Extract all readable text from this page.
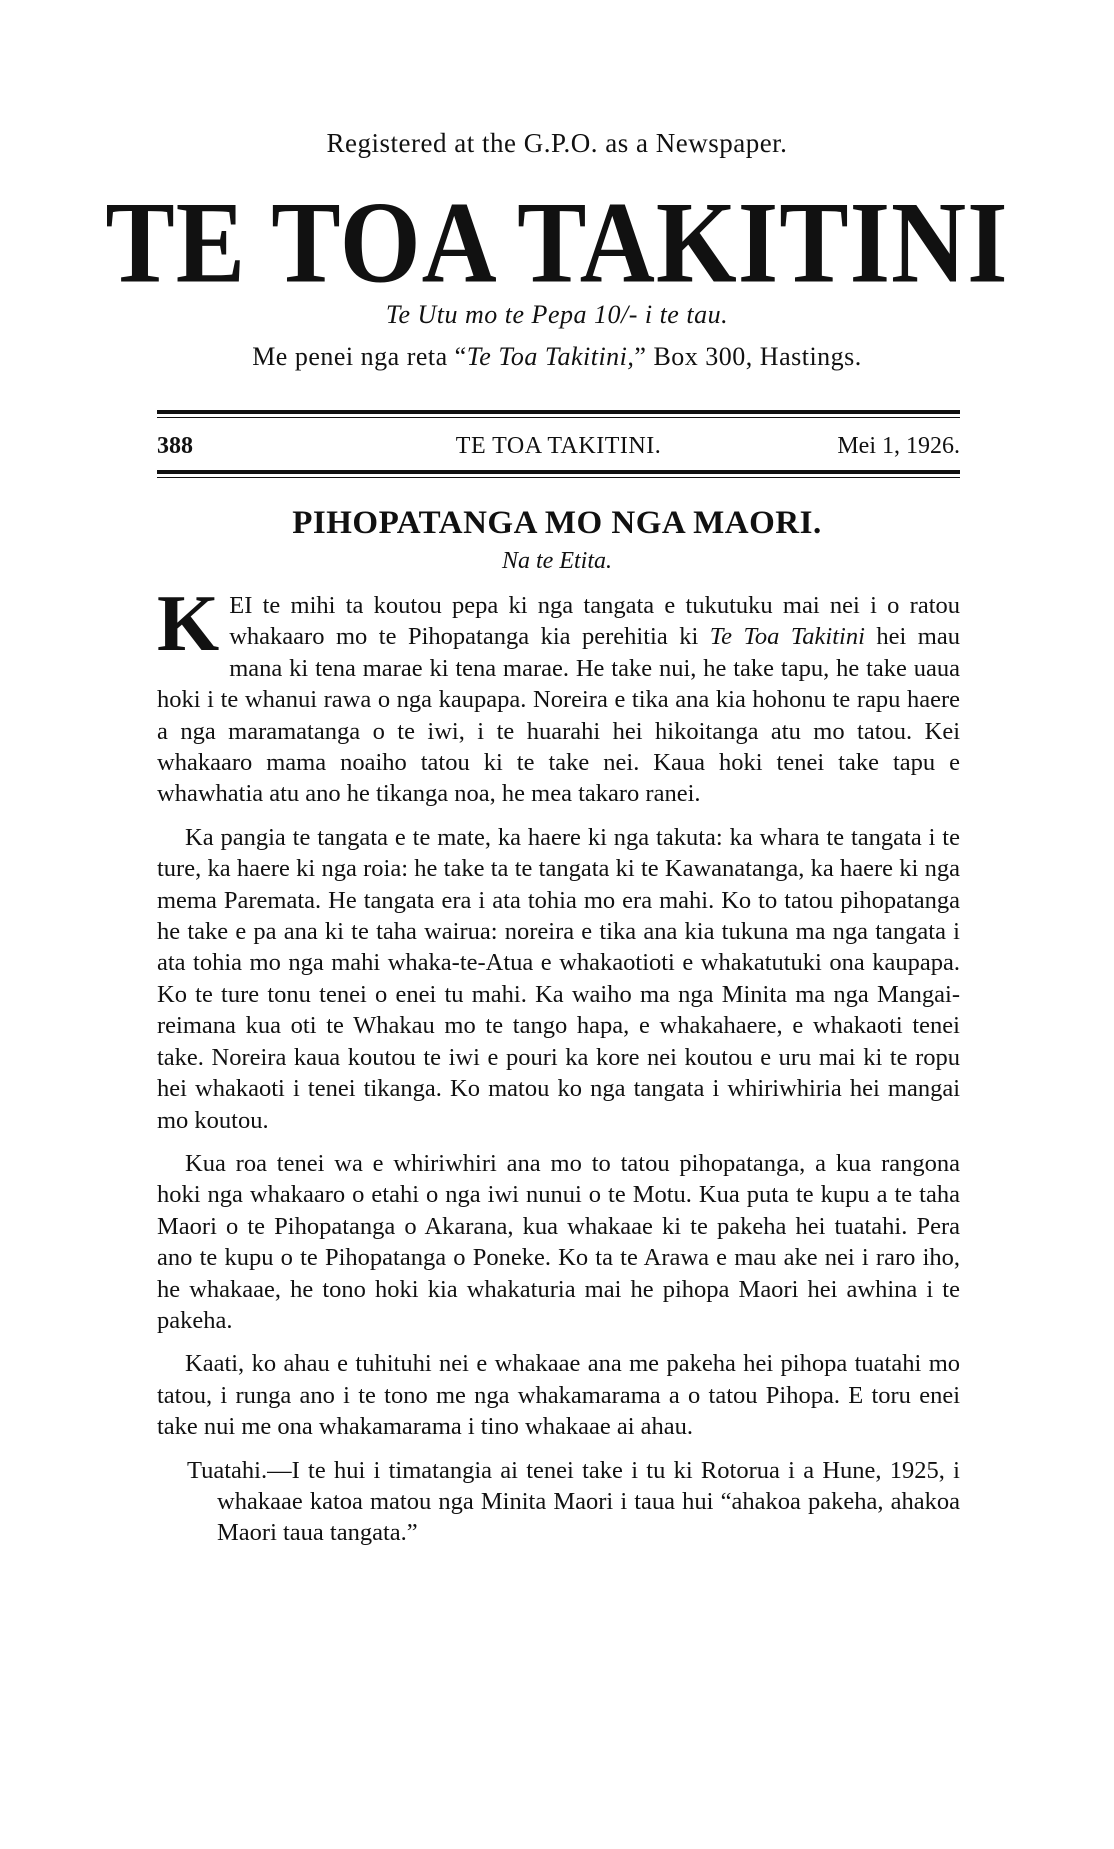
Registered at the G.P.O. as a Newspaper.
TE TOA TAKITINI
Te Utu mo te Pepa 10/- i te tau.
Me penei nga reta “Te Toa Takitini,” Box 300, Hastings.
388	TE TOA TAKITINI.	Mei 1, 1926.
PIHOPATANGA MO NGA MAORI.
Na te Etita.

KEI te mihi ta koutou pepa ki nga tangata e tukutuku mai nei i o ratou whakaaro mo te Pihopatanga kia perehitia ki Te Toa Takitini hei mau mana ki tena marae ki tena marae. He take nui, he take tapu, he take uaua hoki i te whanui rawa o nga kaupapa. Noreira e tika ana kia hohonu te rapu haere a nga maramatanga o te iwi, i te huarahi hei hikoitanga atu mo tatou. Kei whakaaro mama noaiho tatou ki te take nei. Kaua hoki tenei take tapu e whawhatia atu ano he tikanga noa, he mea takaro ranei.

Ka pangia te tangata e te mate, ka haere ki nga takuta: ka whara te tangata i te ture, ka haere ki nga roia: he take ta te tangata ki te Kawanatanga, ka haere ki nga mema Paremata. He tangata era i ata tohia mo era mahi. Ko to tatou pihopatanga he take e pa ana ki te taha wairua: noreira e tika ana kia tukuna ma nga tangata i ata tohia mo nga mahi whaka-te-Atua e whakaotioti e whakatutuki ona kaupapa. Ko te ture tonu tenei o enei tu mahi. Ka waiho ma nga Minita ma nga Mangai-reimana kua oti te Whakau mo te tango hapa, e whakahaere, e whakaoti tenei take. Noreira kaua koutou te iwi e pouri ka kore nei koutou e uru mai ki te ropu hei whakaoti i tenei tikanga. Ko matou ko nga tangata i whiriwhiria hei mangai mo koutou.

Kua roa tenei wa e whiriwhiri ana mo to tatou pihopatanga, a kua rangona hoki nga whakaaro o etahi o nga iwi nunui o te Motu. Kua puta te kupu a te taha Maori o te Pihopatanga o Akarana, kua whakaae ki te pakeha hei tuatahi. Pera ano te kupu o te Pihopatanga o Poneke. Ko ta te Arawa e mau ake nei i raro iho, he whakaae, he tono hoki kia whakaturia mai he pihopa Maori hei awhina i te pakeha.

Kaati, ko ahau e tuhituhi nei e whakaae ana me pakeha hei pihopa tuatahi mo tatou, i runga ano i te tono me nga whakamarama a o tatou Pihopa. E toru enei take nui me ona whakamarama i tino whakaae ai ahau.

Tuatahi.—I te hui i timatangia ai tenei take i tu ki Rotorua i a Hune, 1925, i whakaae katoa matou nga Minita Maori i taua hui “ahakoa pakeha, ahakoa Maori taua tangata.”
